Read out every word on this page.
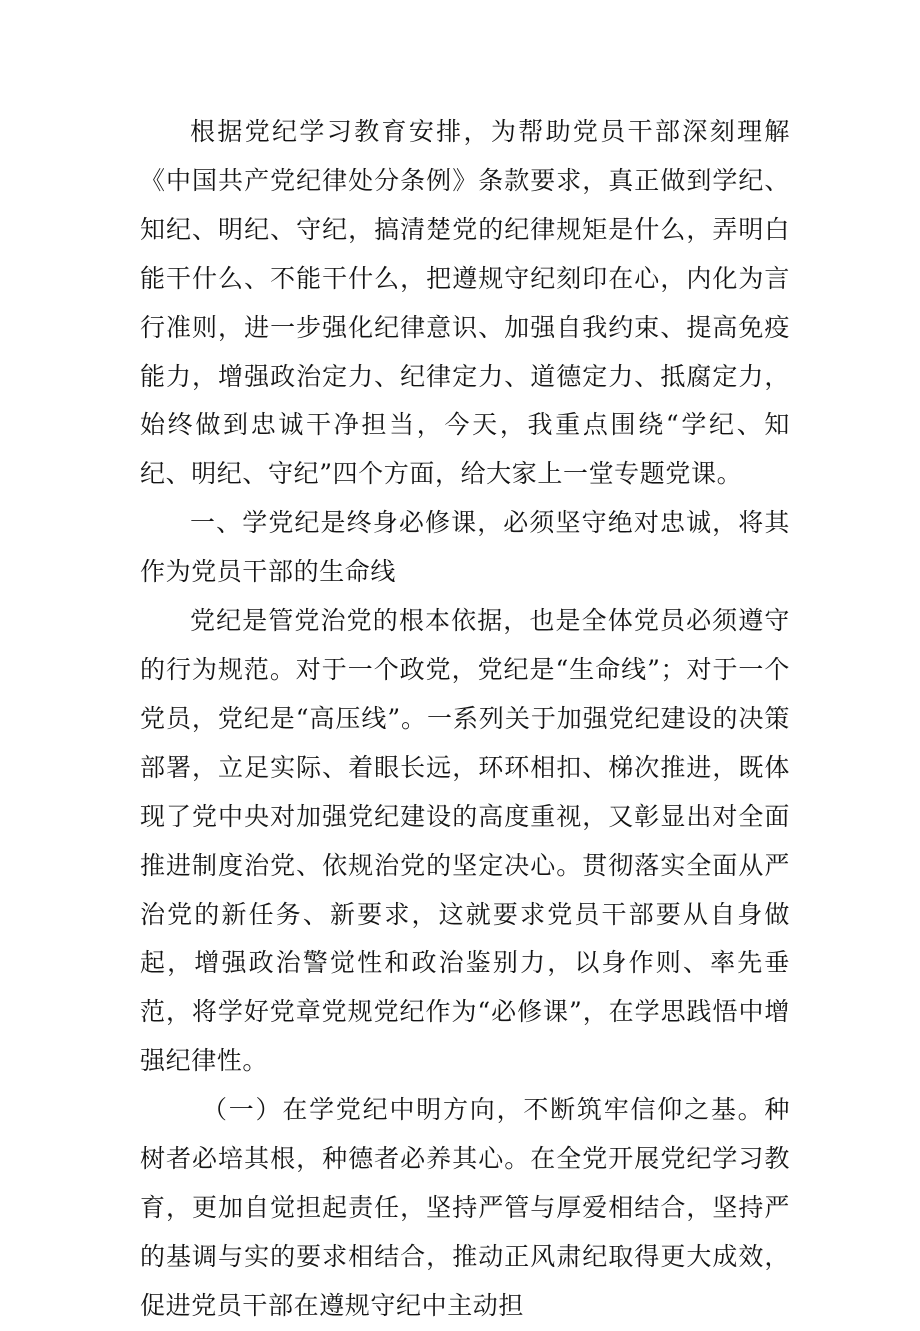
根据党纪学习教育安排，为帮助党员干部深刻理解《中国共产党纪律处分条例》条款要求，真正做到学纪、知纪、明纪、守纪，搞清楚党的纪律规矩是什么，弄明白能干什么、不能干什么，把遵规守纪刻印在心，内化为言行准则，进一步强化纪律意识、加强自我约束、提高免疫能力，增强政治定力、纪律定力、道德定力、抵腐定力，始终做到忠诚干净担当，今天，我重点围绕“学纪、知纪、明纪、守纪”四个方面，给大家上一堂专题党课。

一、学党纪是终身必修课，必须坚守绝对忠诚，将其作为党员干部的生命线

党纪是管党治党的根本依据，也是全体党员必须遵守的行为规范。对于一个政党，党纪是“生命线”；对于一个党员，党纪是“高压线”。一系列关于加强党纪建设的决策部署，立足实际、着眼长远，环环相扣、梯次推进，既体现了党中央对加强党纪建设的高度重视，又彰显出对全面推进制度治党、依规治党的坚定决心。贯彻落实全面从严治党的新任务、新要求，这就要求党员干部要从自身做起，增强政治警觉性和政治鉴别力，以身作则、率先垂范，将学好党章党规党纪作为“必修课”，在学思践悟中增强纪律性。

（一）在学党纪中明方向，不断筑牢信仰之基。种树者必培其根，种德者必养其心。在全党开展党纪学习教育，更加自觉担起责任，坚持严管与厚爱相结合，坚持严的基调与实的要求相结合，推动正风肃纪取得更大成效，促进党员干部在遵规守纪中主动担
